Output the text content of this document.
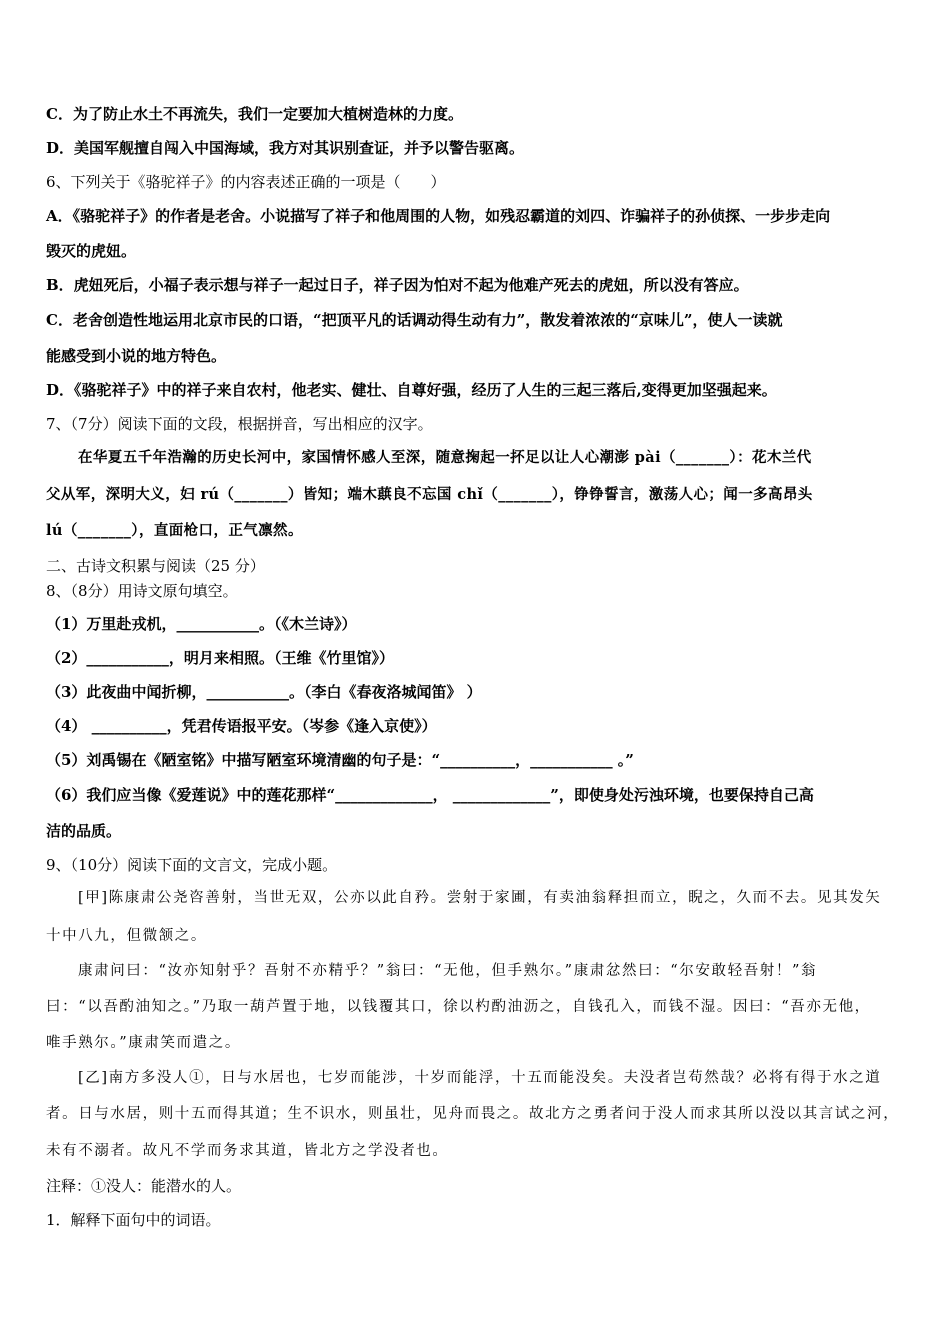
C．为了防止水土不再流失，我们一定要加大植树造林的力度。
D．美国军舰擅自闯入中国海域，我方对其识别查证，并予以警告驱离。
6、下列关于《骆驼祥子》的内容表述正确的一项是（　　）
A．《骆驼祥子》的作者是老舍。小说描写了祥子和他周围的人物，如残忍霸道的刘四、诈骗祥子的孙侦探、一步步走向
毁灭的虎妞。
B．虎妞死后，小福子表示想与祥子一起过日子，祥子因为怕对不起为他难产死去的虎妞，所以没有答应。
C．老舍创造性地运用北京市民的口语，“把顶平凡的话调动得生动有力”，散发着浓浓的“京味儿”，使人一读就
能感受到小说的地方特色。
D．《骆驼祥子》中的祥子来自农村，他老实、健壮、自尊好强，经历了人生的三起三落后,变得更加坚强起来。
7、（7分）阅读下面的文段，根据拼音，写出相应的汉字。
在华夏五千年浩瀚的历史长河中，家国情怀感人至深，随意掬起一抔足以让人心潮澎 pài（_______）：花木兰代
父从军，深明大义，妇 rú（_______）皆知；端木蕻良不忘国 chǐ（_______），铮铮誓言，激荡人心；闻一多高昂头
lú（_______），直面枪口，正气凛然。
二、古诗文积累与阅读（25 分）
8、（8分）用诗文原句填空。
（1）万里赴戎机，___________。（《木兰诗》）
（2）___________，明月来相照。（王维《竹里馆》）
（3）此夜曲中闻折柳，___________。（李白《春夜洛城闻笛》 ）
（4） __________，凭君传语报平安。（岑参《逢入京使》）
（5）刘禹锡在《陋室铭》中描写陋室环境清幽的句子是：“__________，___________ 。”
（6）我们应当像《爱莲说》中的莲花那样“_____________， _____________”，即使身处污浊环境，也要保持自己高
洁的品质。
9、（10分）阅读下面的文言文，完成小题。
[甲]陈康肃公尧咨善射，当世无双，公亦以此自矜。尝射于家圃，有卖油翁释担而立，睨之，久而不去。见其发矢
十中八九，但微颔之。
康肃问曰：“汝亦知射乎？吾射不亦精乎？”翁曰：“无他，但手熟尔。”康肃忿然曰：“尔安敢轻吾射！”翁
曰：“以吾酌油知之。”乃取一葫芦置于地，以钱覆其口，徐以杓酌油沥之，自钱孔入，而钱不湿。因曰：“吾亦无他，
唯手熟尔。”康肃笑而遣之。
[乙]南方多没人①，日与水居也，七岁而能涉，十岁而能浮，十五而能没矣。夫没者岂苟然哉？必将有得于水之道
者。日与水居，则十五而得其道；生不识水，则虽壮，见舟而畏之。故北方之勇者问于没人而求其所以没以其言试之河，
未有不溺者。故凡不学而务求其道，皆北方之学没者也。
注释：①没人：能潜水的人。
1．解释下面句中的词语。
